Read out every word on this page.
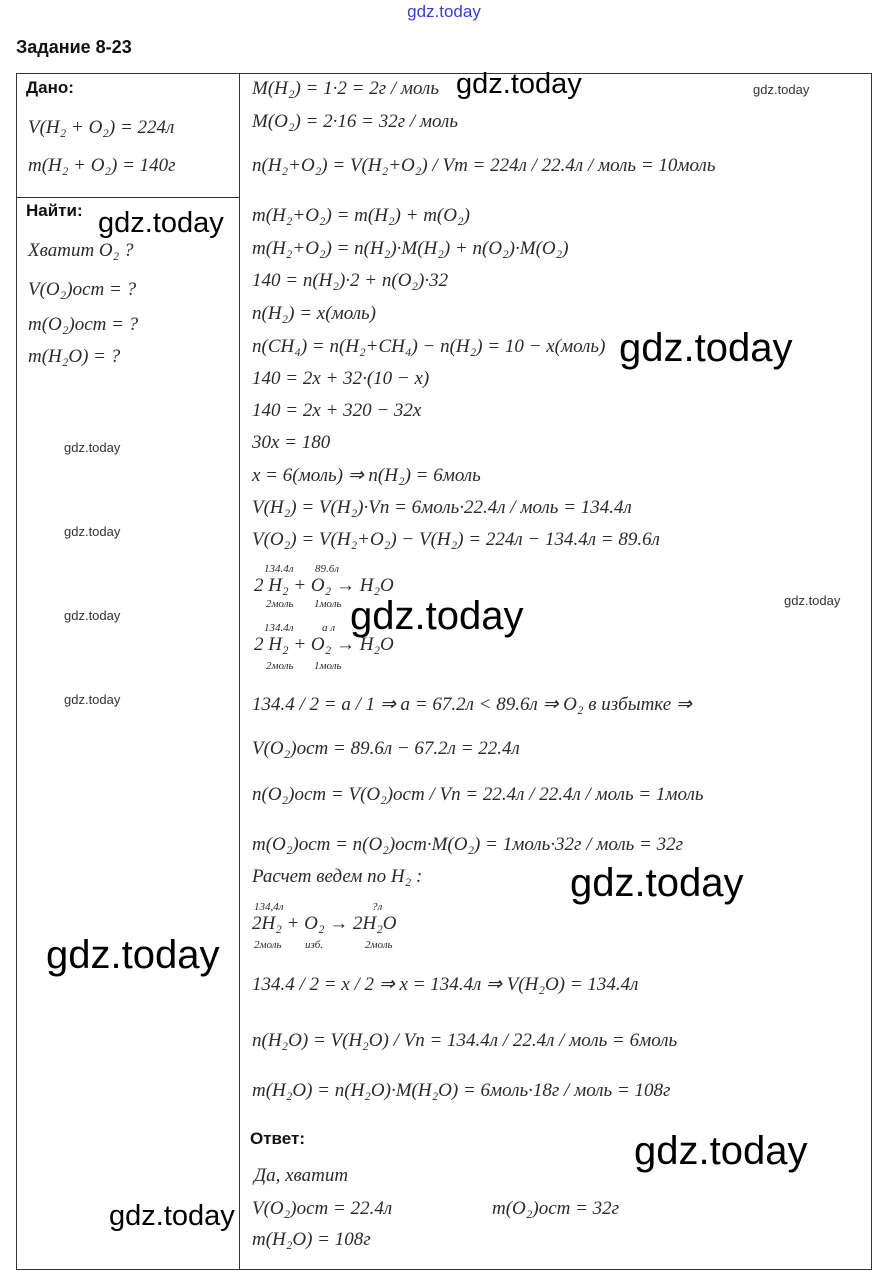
gdz.today
Задание 8-23
Дано:
V(H₂ + O₂) = 224л
m(H₂ + O₂) = 140г
Найти:
Хватит O₂ ?
V(O₂)ост = ?
m(O₂)ост = ?
m(H₂O) = ?
M(H₂) = 1·2 = 2г / моль
M(O₂) = 2·16 = 32г / моль
n(H₂+O₂) = V(H₂+O₂) / Vm = 224л / 22.4л / моль = 10моль
m(H₂+O₂) = m(H₂) + m(O₂)
m(H₂+O₂) = n(H₂)·M(H₂) + n(O₂)·M(O₂)
140 = n(H₂)·2 + n(O₂)·32
n(H₂) = x(моль)
n(CH₄) = n(H₂+CH₄) − n(H₂) = 10 − x(моль)
140 = 2x + 32·(10 − x)
140 = 2x + 320 − 32x
30x = 180
x = 6(моль) ⇒ n(H₂) = 6моль
V(H₂) = V(H₂)·Vn = 6моль·22.4л / моль = 134.4л
V(O₂) = V(H₂+O₂) − V(H₂) = 224л − 134.4л = 89.6л
134.4л 89.6л
2 H₂ + O₂ → H₂O
2моль 1моль
134.4л	a л
2 H₂ + O₂ → H₂O
2моль 1моль
134.4 / 2 = a / 1 ⇒ a = 67.2л < 89.6л ⇒ O₂ в избытке ⇒
V(O₂)ост = 89.6л − 67.2л = 22.4л
n(O₂)ост = V(O₂)ост / Vn = 22.4л / 22.4л / моль = 1моль
m(O₂)ост = n(O₂)ост·M(O₂) = 1моль·32г / моль = 32г
Расчет ведем по H₂ :
134,4л	?л
2H₂ + O₂ → 2H₂O
2моль изб.	2моль
134.4 / 2 = x / 2 ⇒ x = 134.4л ⇒ V(H₂O) = 134.4л
n(H₂O) = V(H₂O) / Vn = 134.4л / 22.4л / моль = 6моль
m(H₂O) = n(H₂O)·M(H₂O) = 6моль·18г / моль = 108г
Ответ:
Да, хватит
V(O₂)ост = 22.4л	m(O₂)ост = 32г
m(H₂O) = 108г
gdz.today	gdz.today
gdz.today
gdz.today
gdz.today
gdz.today
gdz.today
gdz.today
gdz.today
gdz.today
gdz.today
gdz.today
gdz.today
gdz.today
